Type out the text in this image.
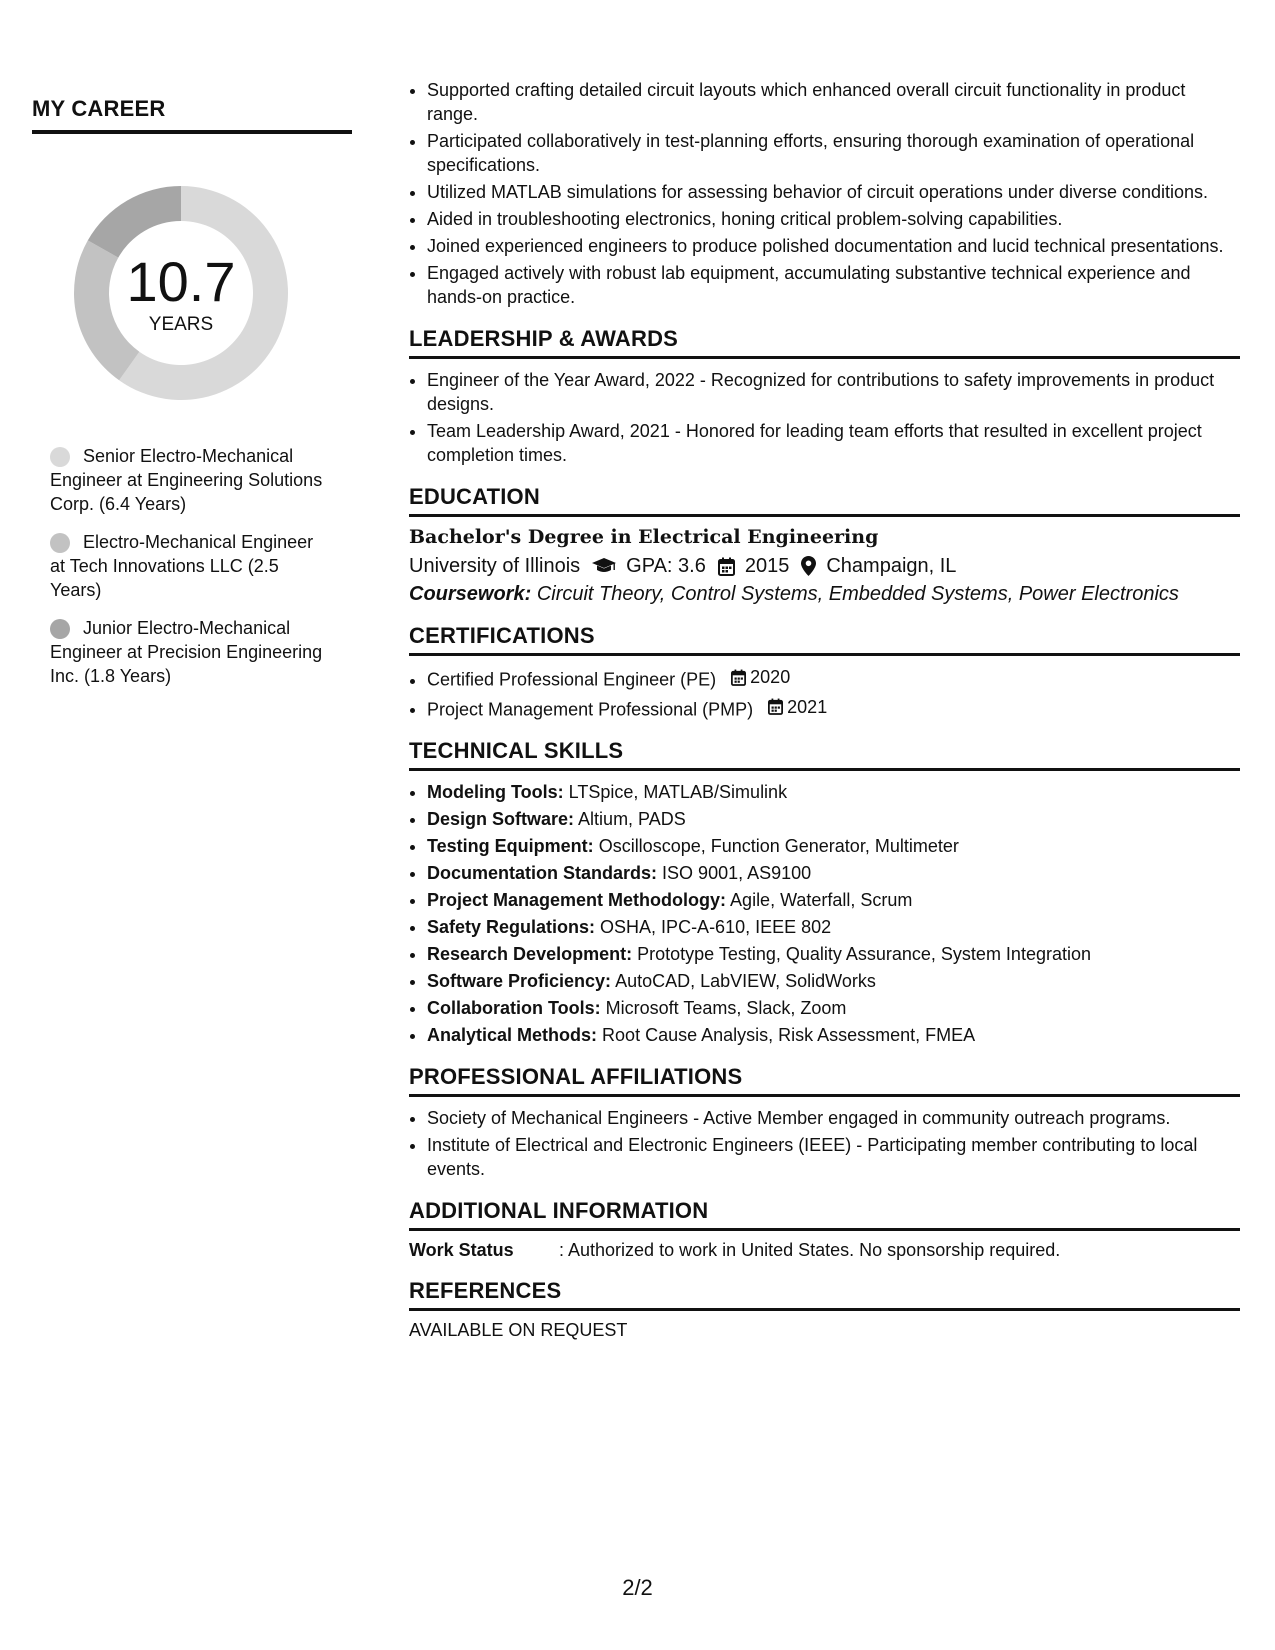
MY CAREER
10.7
YEARS
Senior Electro-Mechanical Engineer at Engineering Solutions Corp. (6.4 Years)
Electro-Mechanical Engineer at Tech Innovations LLC (2.5 Years)
Junior Electro-Mechanical Engineer at Precision Engineering Inc. (1.8 Years)
• Supported crafting detailed circuit layouts which enhanced overall circuit functionality in product range.
• Participated collaboratively in test-planning efforts, ensuring thorough examination of operational specifications.
• Utilized MATLAB simulations for assessing behavior of circuit operations under diverse conditions.
• Aided in troubleshooting electronics, honing critical problem-solving capabilities.
• Joined experienced engineers to produce polished documentation and lucid technical presentations.
• Engaged actively with robust lab equipment, accumulating substantive technical experience and hands-on practice.
LEADERSHIP & AWARDS
• Engineer of the Year Award, 2022 - Recognized for contributions to safety improvements in product designs.
• Team Leadership Award, 2021 - Honored for leading team efforts that resulted in excellent project completion times.
EDUCATION

Bachelor's Degree in Electrical Engineering

University of Illinois GPA: 3.6 2015 Champaign, IL
Coursework: Circuit Theory, Control Systems, Embedded Systems, Power Electronics
CERTIFICATIONS
• Certified Professional Engineer (PE) 2020
• Project Management Professional (PMP) 2021
TECHNICAL SKILLS
• Modeling Tools: LTSpice, MATLAB/Simulink
• Design Software: Altium, PADS
• Testing Equipment: Oscilloscope, Function Generator, Multimeter
• Documentation Standards: ISO 9001, AS9100
• Project Management Methodology: Agile, Waterfall, Scrum
• Safety Regulations: OSHA, IPC-A-610, IEEE 802
• Research Development: Prototype Testing, Quality Assurance, System Integration
• Software Proficiency: AutoCAD, LabVIEW, SolidWorks
• Collaboration Tools: Microsoft Teams, Slack, Zoom
• Analytical Methods: Root Cause Analysis, Risk Assessment, FMEA
PROFESSIONAL AFFILIATIONS
• Society of Mechanical Engineers - Active Member engaged in community outreach programs.
• Institute of Electrical and Electronic Engineers (IEEE) - Participating member contributing to local events.
ADDITIONAL INFORMATION
Work Status	: Authorized to work in United States. No sponsorship required.
REFERENCES
AVAILABLE ON REQUEST
2/2
